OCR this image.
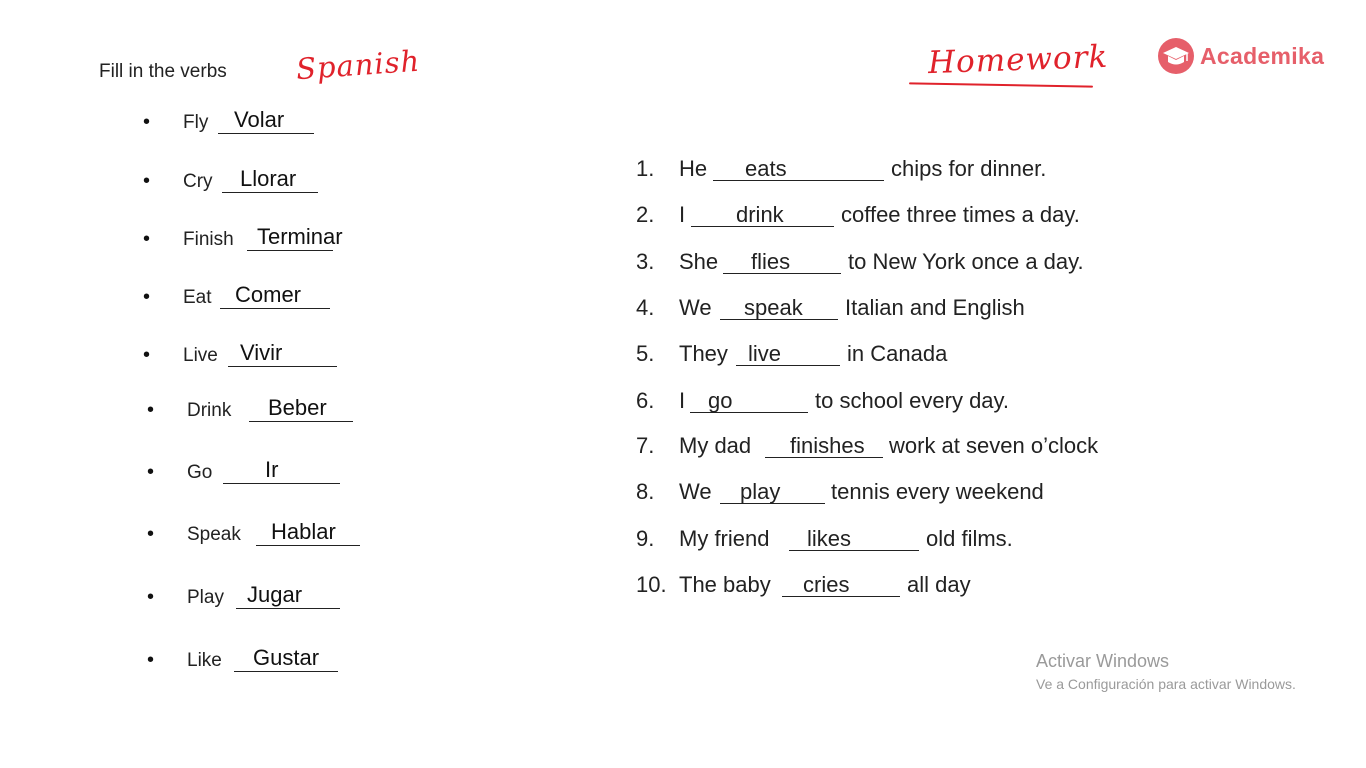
Fill in the verbs Spanish	Homework	Academika
• Fly Volar
• Cry Llorar
• Finish Terminar
• Eat Comer
• Live Vivir
• Drink Beber
• Go Ir
• Speak Hablar
• Play Jugar
• Like Gustar
1. He eats	chips for dinner.
2. I drink	coffee three times a day.
3. She flies	to New York once a day.
4. We speak Italian and English
5. They live	in Canada
6. I go	to school every day.
7. My dad finishes work at seven o’clock
8. We play tennis every weekend
9. My friend likes	old films.
10. The baby cries	all day
Activar Windows
Ve a Configuración para activar Windows.
